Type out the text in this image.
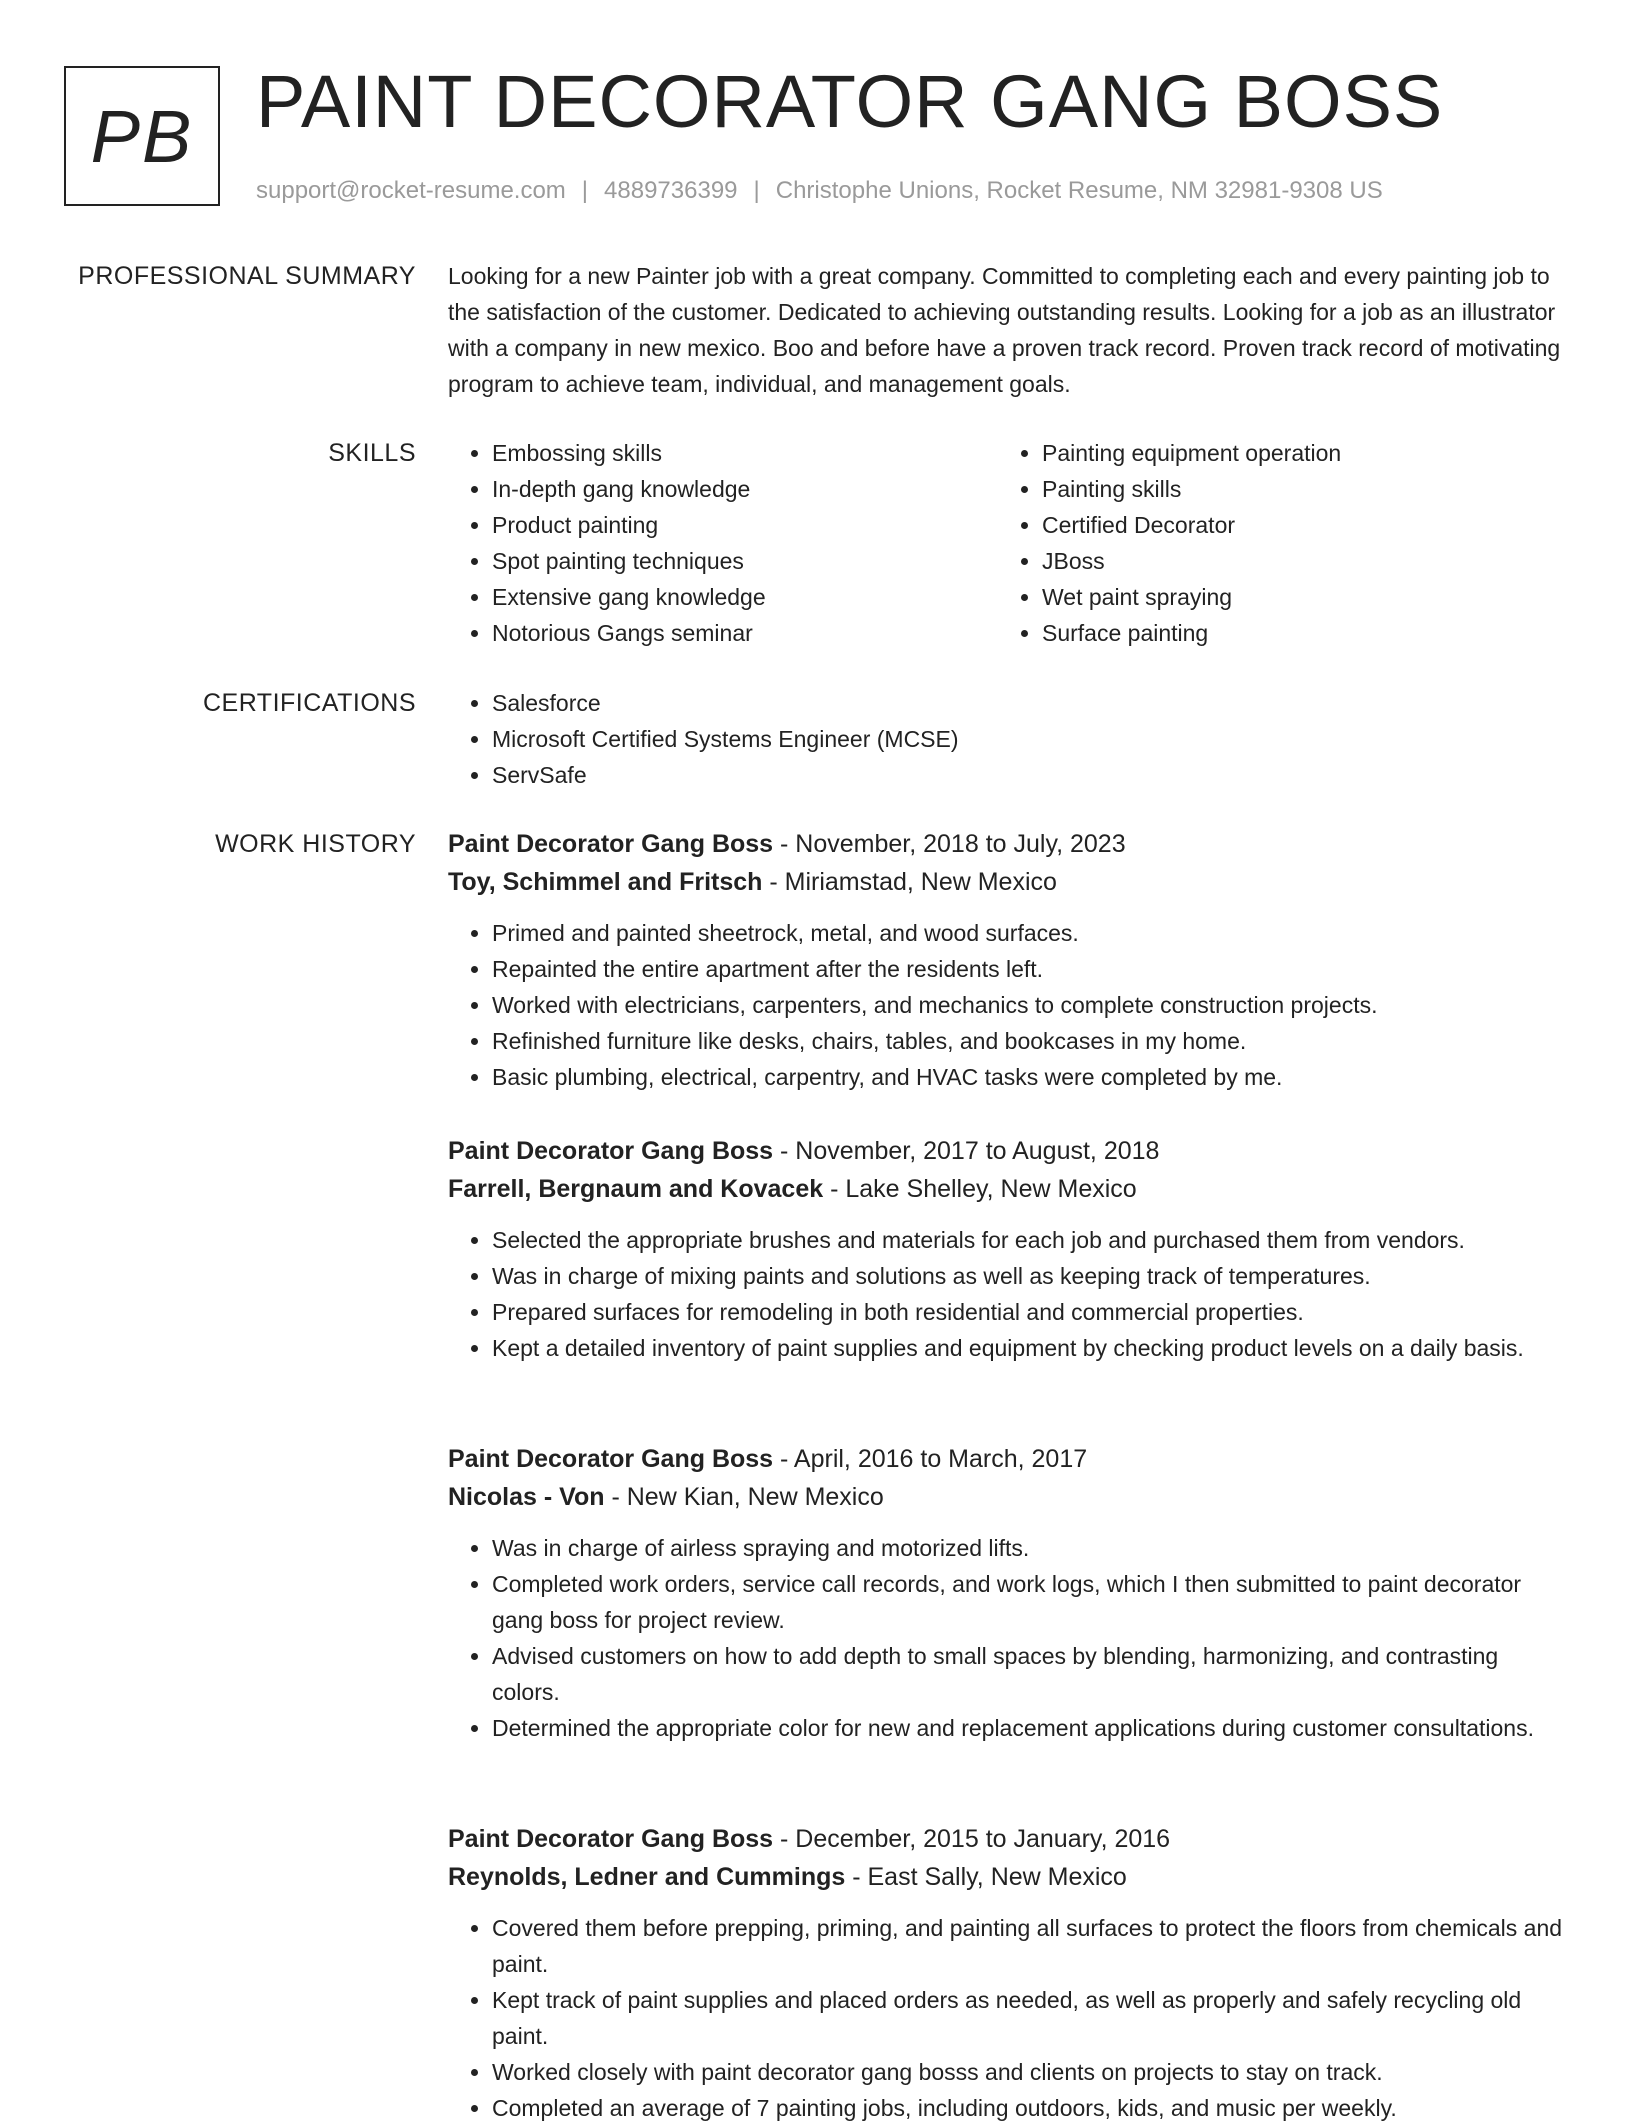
PB PAINT DECORATOR GANG BOSS
support@rocket-resume.com | 4889736399 | Christophe Unions, Rocket Resume, NM 32981-9308 US
PROFESSIONAL SUMMARY Looking for a new Painter job with a great company. Committed to completing each and every painting job to the satisfaction of the customer. Dedicated to achieving outstanding results. Looking for a job as an illustrator with a company in new mexico. Boo and before have a proven track record. Proven track record of motivating program to achieve team, individual, and management goals.

SKILLS	• Embossing skills
• In-depth gang knowledge
• Product painting
• Spot painting techniques
• Extensive gang knowledge
• Notorious Gangs seminar
• Painting equipment operation
• Painting skills
• Certified Decorator
• JBoss
• Wet paint spraying
• Surface painting
CERTIFICATIONS	• Salesforce
• Microsoft Certified Systems Engineer (MCSE)
• ServSafe
WORK HISTORY Paint Decorator Gang Boss - November, 2018 to July, 2023
Toy, Schimmel and Fritsch - Miriamstad, New Mexico
• Primed and painted sheetrock, metal, and wood surfaces.
• Repainted the entire apartment after the residents left.
• Worked with electricians, carpenters, and mechanics to complete construction projects.
• Refinished furniture like desks, chairs, tables, and bookcases in my home.
• Basic plumbing, electrical, carpentry, and HVAC tasks were completed by me.
Paint Decorator Gang Boss - November, 2017 to August, 2018
Farrell, Bergnaum and Kovacek - Lake Shelley, New Mexico
• Selected the appropriate brushes and materials for each job and purchased them from vendors.
• Was in charge of mixing paints and solutions as well as keeping track of temperatures.
• Prepared surfaces for remodeling in both residential and commercial properties.
• Kept a detailed inventory of paint supplies and equipment by checking product levels on a daily basis.
Paint Decorator Gang Boss - April, 2016 to March, 2017
Nicolas - Von - New Kian, New Mexico
• Was in charge of airless spraying and motorized lifts.
• Completed work orders, service call records, and work logs, which I then submitted to paint decorator gang boss for project review.
• Advised customers on how to add depth to small spaces by blending, harmonizing, and contrasting colors.
• Determined the appropriate color for new and replacement applications during customer consultations.
Paint Decorator Gang Boss - December, 2015 to January, 2016
Reynolds, Ledner and Cummings - East Sally, New Mexico
• Covered them before prepping, priming, and painting all surfaces to protect the floors from chemicals and paint.
• Kept track of paint supplies and placed orders as needed, as well as properly and safely recycling old paint.
• Worked closely with paint decorator gang bosss and clients on projects to stay on track.
• Completed an average of 7 painting jobs, including outdoors, kids, and music per weekly.
